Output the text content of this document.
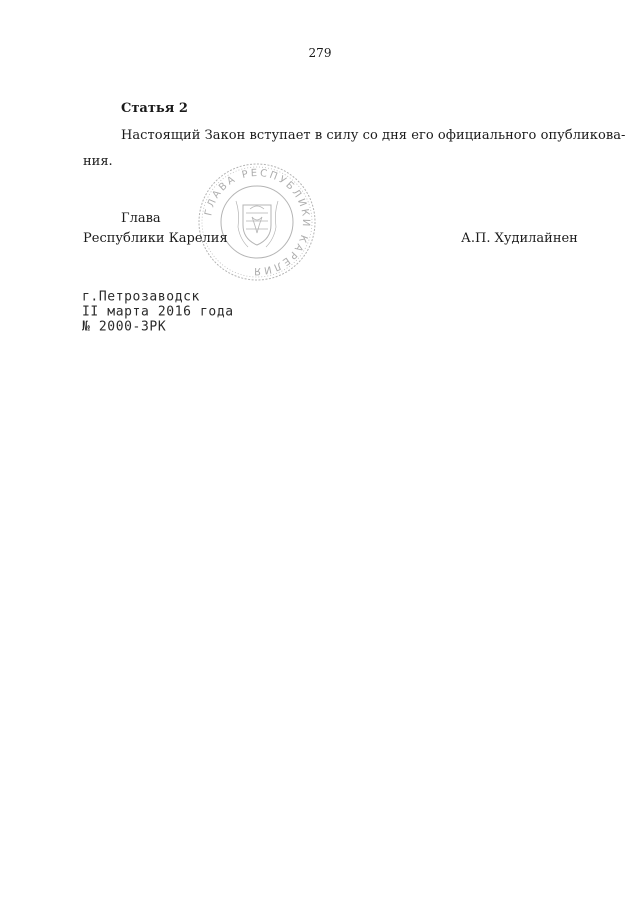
279
Статья 2
Настоящий Закон вступает в силу со дня его официального опубликова-
ния.
ГЛАВА РЕСПУБЛИКИ КАРЕЛИЯ
Глава
Республики Карелия	А.П. Худилайнен
г.Петрозаводск
II марта 2016 года
№ 2000-ЗРК
